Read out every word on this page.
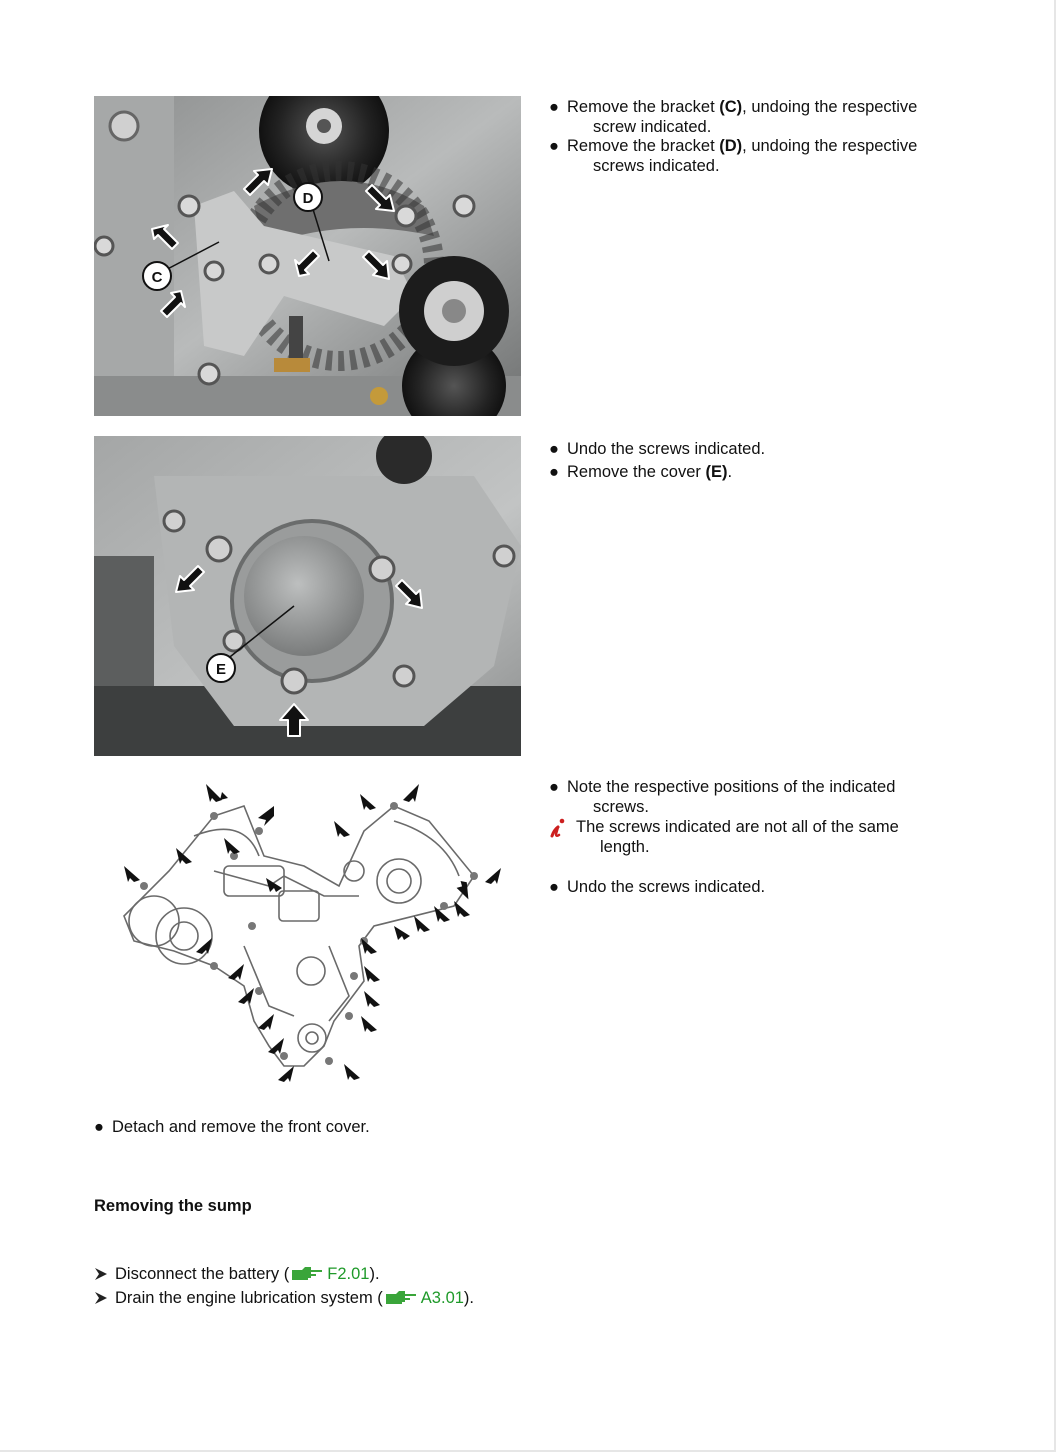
C
D
E
● Remove the bracket (C), undoing the respective
screw indicated.
● Remove the bracket (D), undoing the respective
screws indicated.
● Undo the screws indicated.
● Remove the cover (E).
● Note the respective positions of the indicated
screws.
The screws indicated are not all of the same
length.
● Undo the screws indicated.
● Detach and remove the front cover.
Removing the sump
Disconnect the battery ( F2.01).
Drain the engine lubrication system ( A3.01).
